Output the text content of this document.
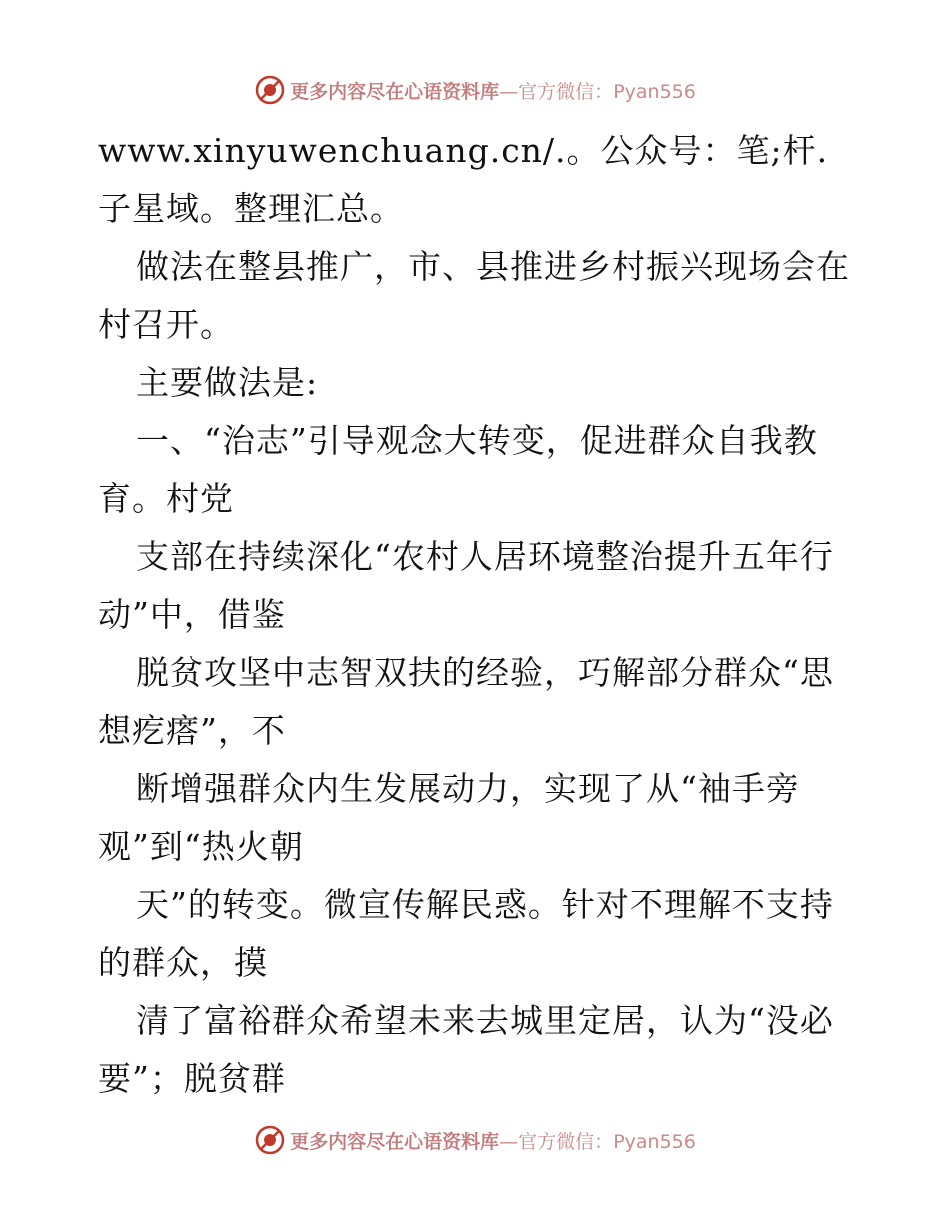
更多内容尽在心语资料库—官方微信：Pyan556

www.xinyuwenchuang.cn/.。公众号：笔;杆.子星域。整理汇总。

做法在整县推广，市、县推进乡村振兴现场会在村召开。

主要做法是:

一、“治志”引导观念大转变，促进群众自我教育。村党

支部在持续深化“农村人居环境整治提升五年行动”中，借鉴

脱贫攻坚中志智双扶的经验，巧解部分群众“思想疙瘩”，不

断增强群众内生发展动力，实现了从“袖手旁观”到“热火朝

天”的转变。微宣传解民惑。针对不理解不支持的群众，摸

清了富裕群众希望未来去城里定居，认为“没必要”；脱贫群

更多内容尽在心语资料库—官方微信：Pyan556
